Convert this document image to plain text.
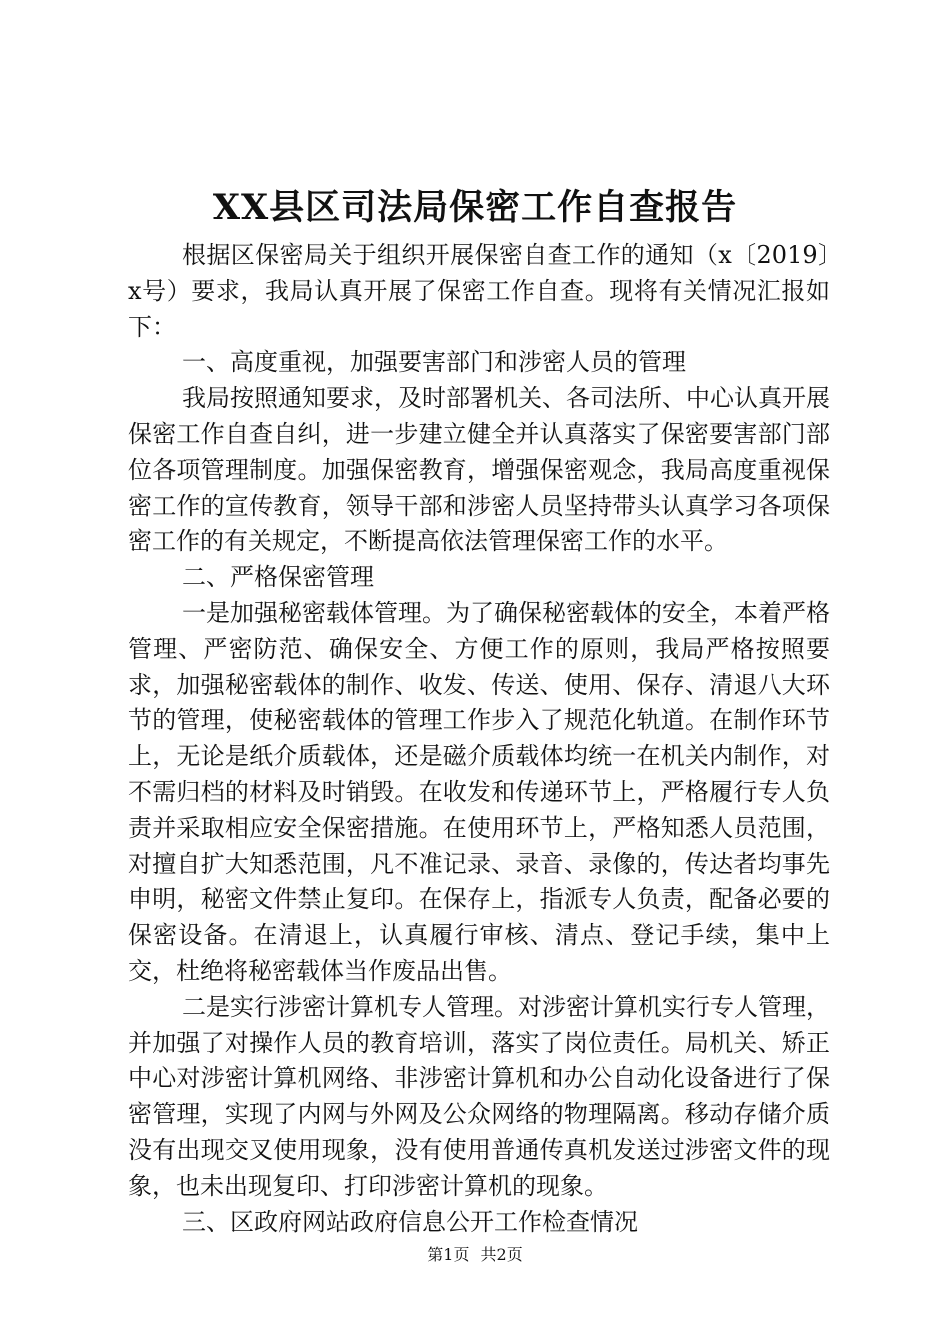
XX县区司法局保密工作自查报告

根据区保密局关于组织开展保密自查工作的通知（x〔2019〕x号）要求，我局认真开展了保密工作自查。现将有关情况汇报如下：

一、高度重视，加强要害部门和涉密人员的管理

我局按照通知要求，及时部署机关、各司法所、中心认真开展保密工作自查自纠，进一步建立健全并认真落实了保密要害部门部位各项管理制度。加强保密教育，增强保密观念，我局高度重视保密工作的宣传教育，领导干部和涉密人员坚持带头认真学习各项保密工作的有关规定，不断提高依法管理保密工作的水平。

二、严格保密管理

一是加强秘密载体管理。为了确保秘密载体的安全，本着严格管理、严密防范、确保安全、方便工作的原则，我局严格按照要求，加强秘密载体的制作、收发、传送、使用、保存、清退八大环节的管理，使秘密载体的管理工作步入了规范化轨道。在制作环节上，无论是纸介质载体，还是磁介质载体均统一在机关内制作，对不需归档的材料及时销毁。在收发和传递环节上，严格履行专人负责并采取相应安全保密措施。在使用环节上，严格知悉人员范围，对擅自扩大知悉范围，凡不准记录、录音、录像的，传达者均事先申明，秘密文件禁止复印。在保存上，指派专人负责，配备必要的保密设备。在清退上，认真履行审核、清点、登记手续，集中上交，杜绝将秘密载体当作废品出售。

二是实行涉密计算机专人管理。对涉密计算机实行专人管理，并加强了对操作人员的教育培训，落实了岗位责任。局机关、矫正中心对涉密计算机网络、非涉密计算机和办公自动化设备进行了保密管理，实现了内网与外网及公众网络的物理隔离。移动存储介质没有出现交叉使用现象，没有使用普通传真机发送过涉密文件的现象，也未出现复印、打印涉密计算机的现象。

三、区政府网站政府信息公开工作检查情况

第1页 共2页
